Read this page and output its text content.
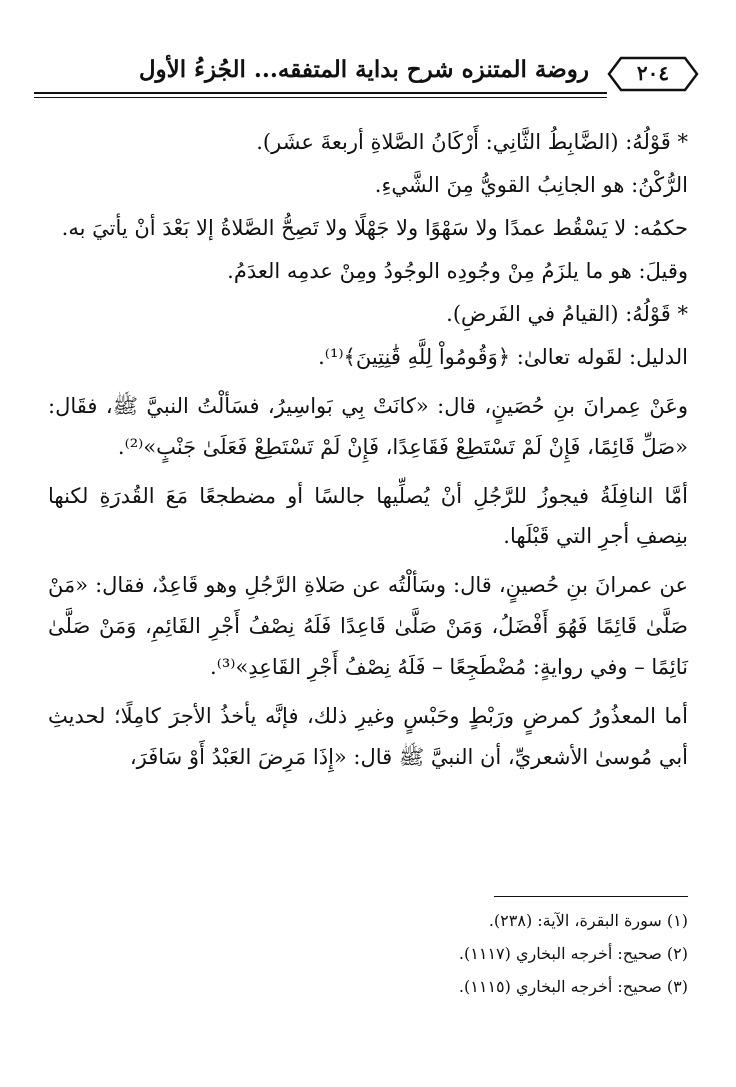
٢٠٤
روضة المتنزه شرح بداية المتفقه... الجُزءُ الأول

* قَوْلُهُ: (الضَّابِطُ الثَّانِي: أَرْكَانُ الصَّلاةِ أربعةَ عشَر).

الرُّكْنُ: هو الجانِبُ القويُّ مِنَ الشَّيءِ.

حكمُه: لا يَسْقُط عمدًا ولا سَهْوًا ولا جَهْلًا ولا تَصِحُّ الصَّلاةُ إلا بَعْدَ أنْ يأتيَ به.

وقيلَ: هو ما يلزَمُ مِنْ وجُودِه الوجُودُ ومِنْ عدمِه العدَمُ.

* قَوْلُهُ: (القيامُ في الفَرضِ).

الدليل: لقَوله تعالىٰ: ﴿وَقُومُواْ لِلَّهِ قَٰنِتِينَ﴾⁽¹⁾.

وعَنْ عِمرانَ بنِ حُصَينٍ، قال: «كانَتْ بِي بَواسِيرُ، فسَألْتُ النبيَّ ﷺ، فقَال: «صَلِّ قَائِمًا، فَإِنْ لَمْ تَسْتَطِعْ فَقَاعِدًا، فَإِنْ لَمْ تَسْتَطِعْ فَعَلَىٰ جَنْبٍ»⁽²⁾.

أمَّا النافِلَةُ فيجوزُ للرَّجُلِ أنْ يُصلِّيها جالسًا أو مضطجعًا مَعَ القُدرَةِ لكنها بنِصفِ أجرِ التي قَبْلَها.

عن عمرانَ بنِ حُصينٍ، قال: وسَألْتُه عن صَلاةِ الرَّجُلِ وهو قَاعِدٌ، فقال: «مَنْ صَلَّىٰ قَائِمًا فَهُوَ أَفْضَلُ، وَمَنْ صَلَّىٰ قَاعِدًا فَلَهُ نِصْفُ أَجْرِ القَائِمِ، وَمَنْ صَلَّىٰ نَائِمًا – وفي روايةٍ: مُضْطَجِعًا – فَلَهُ نِصْفُ أَجْرِ القَاعِدِ»⁽³⁾.

أما المعذُورُ كمرضٍ ورَبْطٍ وحَبْسٍ وغيرِ ذلك، فإنَّه يأخذُ الأجرَ كامِلًا؛ لحديثِ أبي مُوسىٰ الأشعريِّ، أن النبيَّ ﷺ قال: «إِذَا مَرِضَ العَبْدُ أَوْ سَافَرَ،

(١) سورة البقرة، الآية: (٢٣٨).

(٢) صحيح: أخرجه البخاري (١١١٧).

(٣) صحيح: أخرجه البخاري (١١١٥).
